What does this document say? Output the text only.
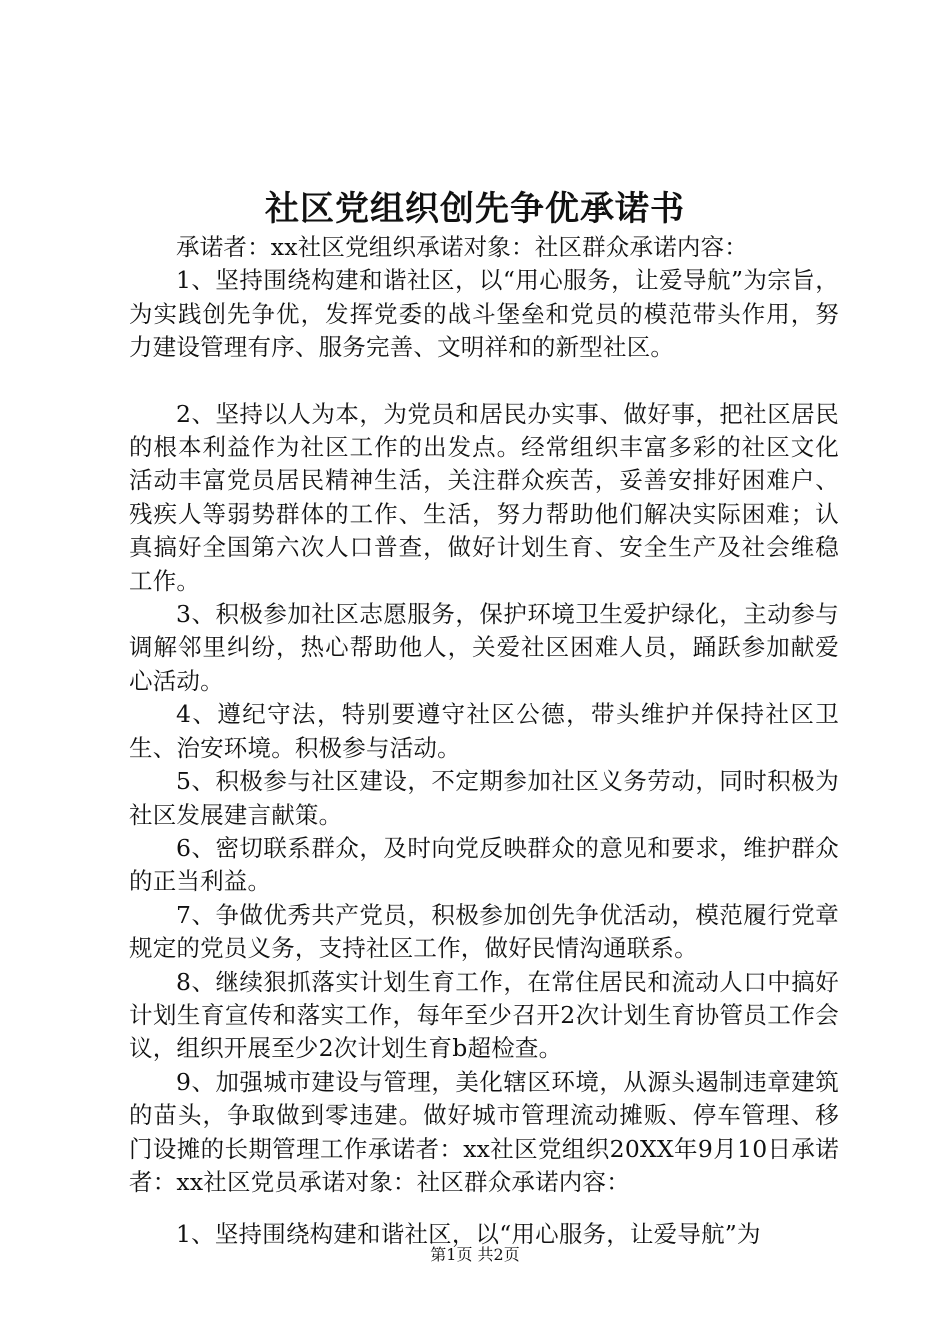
社区党组织创先争优承诺书

承诺者：xx社区党组织承诺对象：社区群众承诺内容：

1、坚持围绕构建和谐社区，以“用心服务，让爱导航”为宗旨，为实践创先争优，发挥党委的战斗堡垒和党员的模范带头作用，努力建设管理有序、服务完善、文明祥和的新型社区。

2、坚持以人为本，为党员和居民办实事、做好事，把社区居民的根本利益作为社区工作的出发点。经常组织丰富多彩的社区文化活动丰富党员居民精神生活，关注群众疾苦，妥善安排好困难户、残疾人等弱势群体的工作、生活，努力帮助他们解决实际困难；认真搞好全国第六次人口普查，做好计划生育、安全生产及社会维稳工作。

3、积极参加社区志愿服务，保护环境卫生爱护绿化，主动参与调解邻里纠纷，热心帮助他人，关爱社区困难人员，踊跃参加献爱心活动。

4、遵纪守法，特别要遵守社区公德，带头维护并保持社区卫生、治安环境。积极参与活动。

5、积极参与社区建设，不定期参加社区义务劳动，同时积极为社区发展建言献策。

6、密切联系群众，及时向党反映群众的意见和要求，维护群众的正当利益。

7、争做优秀共产党员，积极参加创先争优活动，模范履行党章规定的党员义务，支持社区工作，做好民情沟通联系。

8、继续狠抓落实计划生育工作，在常住居民和流动人口中搞好计划生育宣传和落实工作，每年至少召开2次计划生育协管员工作会议，组织开展至少2次计划生育b超检查。

9、加强城市建设与管理，美化辖区环境，从源头遏制违章建筑的苗头，争取做到零违建。做好城市管理流动摊贩、停车管理、移门设摊的长期管理工作承诺者：xx社区党组织20XX年9月10日承诺者：xx社区党员承诺对象：社区群众承诺内容：

1、坚持围绕构建和谐社区，以“用心服务，让爱导航”为

第1页 共2页
